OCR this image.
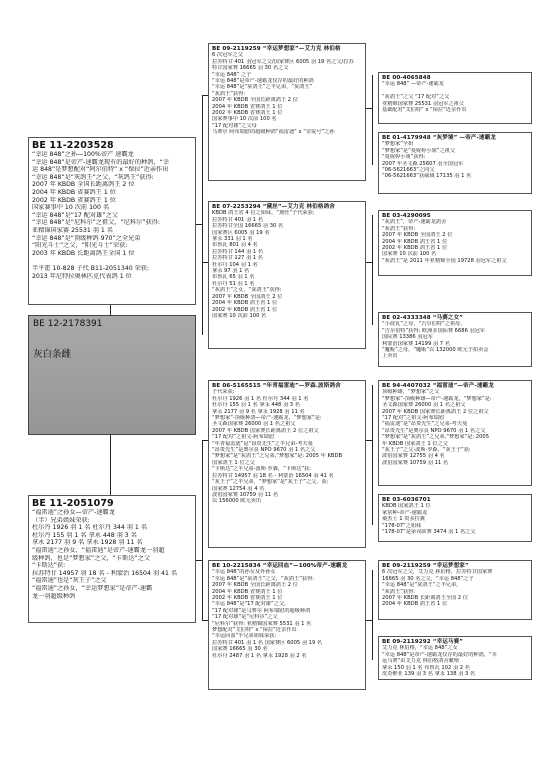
BE 11-2203528
“幸运 848”之孙—100%帝产 速霸龙
“幸运 848”是帝产-速霸龙现有的最好的种鸽，“幸
运 848”是梦想配对“阿尔伯特” x “保拉”近亲作出
“幸运 848”是“灰鸽王”之父、“灰鸽王”获得:
2007 年 KBDB 全国长距离鸽王 2 位
2004 年 KBDB 省赛鸽王 1 位
2002 年 KBDB 省赛鸽王 1 位
国家赛事中 10 次前 100 名
“幸运 848”是“17 配对雄”之父
“幸运 848”是“尼科尔”之祖父，“尼科尔”获得:
亚精锦国家赛 25531 羽 1 名
“幸运 848”是“顶级种鸽 970”之全兄弟
“阳光斗士”之父，“阳光斗士”荣获:
2003 年 KBDB 长距离鸽王全国 1 位

半平霍 10-828 子代 B11-2051340 荣获:
2013 年尼特拉奥林匹克代表鸽 1 位
BE 12-2178391
灰白条雌
BE 11-2051079
“福雷迪”之孙女—帝产-速霸龙
（半）兄弟姐妹荣获:
杜尔丹 1926 羽 1 名 杜尔丹 344 羽 1 名
杜尔丹 155 羽 1 名 拿永 448 羽 3 名
拿永 2177 羽 9 名 拿永 1928 羽 11 名
“福雷迪”之孙女，“福雷迪”是帝产-速霸龙一羽超
级种鸽，也是“梦想家”之父，“卡斯达”之父
“卡斯达”获:
拉苏特甘 14957 羽 18 名 - 利蒙治 16504 羽 41 名
“福雷迪”也是“灰王子”之父
“福雷迪”之孙女，“幸运梦想家”是帝产-速霸
龙一羽超级种鸽
BE 09-2119259 “幸运梦想家”—艾力克 林伯格
6 次冠军之父
拉苏特甘 401 羽冠军之父/国家赛区 6005 羽 19 名之父/拉苏
特甘国家赛 16665 羽 30 名之父
“幸运 848” 之子
“幸运 848”是帝产-速霸龙仅存的最好的种鸽
“幸运 848”是“灰鸽王”之半兄弟，“灰鸽王”
“灰鸽王”获得:
2007 年 KBDB 全国长距离鸽王 2 位
2004 年 KBDB 省赛鸽王 1 位
2002 年 KBDB 省赛鸽王 1 位
国家赛事中 10 次前 100 名
“17 配对雄”之父母
马赛尔 阿布瑞慰的超级种鸽“福雷迪” x “亲爱号”之孙
BE 07-2253294 “黛丝”—艾力克 林伯格鸽舍
KBDB 鸽王省 4 位之姐妹，“黛丝”子代荣获:
拉苏特甘 401 羽 1 名
拉苏特甘全国 16665 羽 30 名
国家赛区 6005 羽 19 名
拿永 331 羽 1 名
布鲁瓦 801 羽 4 名
拉苏特甘 144 羽 1 名
拉苏特甘 127 羽 1 名
杜尔丹 104 羽 1 名
拿永 97 羽 1 名
布鲁瓦 65 羽 1 名
杜尔丹 51 羽 1 名
“灰鸽王”之女，“灰鸽王”获得:
2007 年 KBDB 全国鸽王 2 位
2004 年 KBDB 鸽王省 1 位
2002 年 KBDB 鸽王省 1 位
国家赛 10 次前 100 名
BE 06-5165515 “年青福雷迪”—罗森.波斯鸽舍
子代荣获:
杜尔丹 1926 羽 1 名 杜尔丹 344 羽 1 名
杜尔丹 155 羽 1 名 拿永 448 羽 3 名
拿永 2177 羽 9 名 拿永 1928 羽 11 名
“梦想家”-顶级种鸽—帝产-速霸龙，“梦想家”是:
圣文森国家赛 26000 羽 1 名之祖父
2007 年 KBDB 国家赛长距离鸽王 2 位之祖父
“17 配对”之祖父-阿布瑞慰
“年青福雷迪”是“昂贵先生”之半兄弟-考夫曼
“昂贵先生”是奥尔良 NPO 9670 羽 1 名之父
“梦想家”是“灰鸽王”之兄弟,“梦想家”是: 2005 年 KBDB
国家鸽王 1 位之父
“卡斯达”之半兄弟-波斯·罗森，“卡斯达”获:
拉苏特甘 14957 羽 18 名 - 利蒙治 16504 羽 41 名
“灰王子”之半兄弟，“梦想家”是“灰王子”之父，获:
国家赛 12754 羽 4 名
波伯国家赛 10759 羽 11 名
以 156000 欧元卖出
BE 10-2215834 “幸运回血”—100%帝产-速霸龙
“幸运 848”的孙女及外孙女
“幸运 848”是“灰鸽王”之父，“灰鸽王”获得:
2007 年 KBDB 全国长距离鸽王 2 位
2004 年 KBDB 省赛鸽王 1 位
2002 年 KBDB 省赛鸽王 1 位
“幸运 848”是“17 配对雄”之父,
“17 配对雄”是马赛尔 阿布瑞慰的超级种鸽
“17 配对雄”是“尼科尔”之父
“尼科尔”获得: 亚精锦国家赛 5531 羽 1 名
梦想配对“艾伯特” x “保拉”近亲作出
“幸运回血”半兄弟姐妹荣获:
拉苏特甘 401 羽 1 名 国家赛区 6005 羽 19 名
国家赛 16665 羽 30 名
杜尔丹 2487 羽 1 名 拿永 1928 羽 2 名
BE 00-4065848
“幸运 848” —帝产-速霸龙

“灰鸽王”之父 “17 配对”之父
亚精锦国家赛 25531 羽冠军之祖父
基础配对“艾伯特” x “保拉”近亲作出
BE 01-4179948 “灰梦境” —帝产-速霸龙
“梦想家”全姐
“梦想家”是“曼妮婷小姐”之祖父
“曼妮婷小姐”获得:
2007 年圣文森 25607 羽全国冠军
“06-5621663”之同父
“06-5621663”获威域 17135 羽 1 名
BE 03-4290095
“灰鸽王”，帝产-速霸龙鸽舍
“灰鸽王”获得:
2007 年 KBDB 全国鸽王 2 位
2004 年 KBDB 鸽王省 1 位
2002 年 KBDB 鸽王省 1 位
国家赛 10 次前 100 名
“灰鸽王”是 2011 年亚精锦全国 19728 羽冠军之祖父
BE 02-4333348 “马赛之女”
“小波瓦”之母，“吉尔伯特”之祖母，
“吉尔伯特”获得: 欧洲多国际赛 6686 羽冠军
国际赛 13386 羽冠军
利蒙治国家赛 14199 羽 7 名
“魔贩”之母，“魔贩”以 132000 欧元于拍卖会
上卖出
BE 94-4407032 “福雷迪”—帝产-速霸龙
顶级种雄，“梦想家”之父
“梦想家”-顶级种雄—帝产-速霸龙，“梦想家”是:
圣文森国家赛 26000 羽 1 名之祖父
2007 年 KBDB 国家赛长距离鸽王 2 位之祖父
“17 配对”之祖父-阿布瑞慰
“福雷迪”是“昂贵先生”之兄弟-考夫曼
“昂贵先生”是奥尔良 NPO 9670 羽 1 名之父
“梦想家”是“灰鸽王”之兄弟,“梦想家”是: 2005
年 KBDB 国家鸽王 1 位之父
“灰王子”之父-波斯·罗森，“灰王子”获:
波伯国家赛 12755 羽 4 名
波伯国家赛 10759 羽 11 名
BE 03-6036701
KBDB 国家鸽王 1 位
家常种-帝产-速霸龙
桑杰士 1 贵多拉翼
“178-07”之姐妹
“178-07”是第戎联赛 3474 羽 1 名之父
BE 09-2119259 “幸运梦想家”
6 次冠军之父，艾力克 林伯格，拉苏特甘国家赛
16665 羽 30 名之父，“幸运 848”之子
“幸运 848”是“灰鸽王”之半兄弟，
“灰鸽王”获得:
2007 年 KBDB 长距离鸽王全国 2 位
2004 年 KBDB 鸽王省 1 位
BE 09-2119292 “幸运马赛”
艾力克 林伯格，“幸运 848”之女
“幸运 848”是帝产-速霸龙仅存的最好的种鸽，“幸
运马赛”由艾力克 林伯格鸽舍繁殖
拿永 150 羽 1 名 布鲁瓦 102 羽 2 名
皮奇维亚 139 羽 3 名 拿永 138 羽 3 名
